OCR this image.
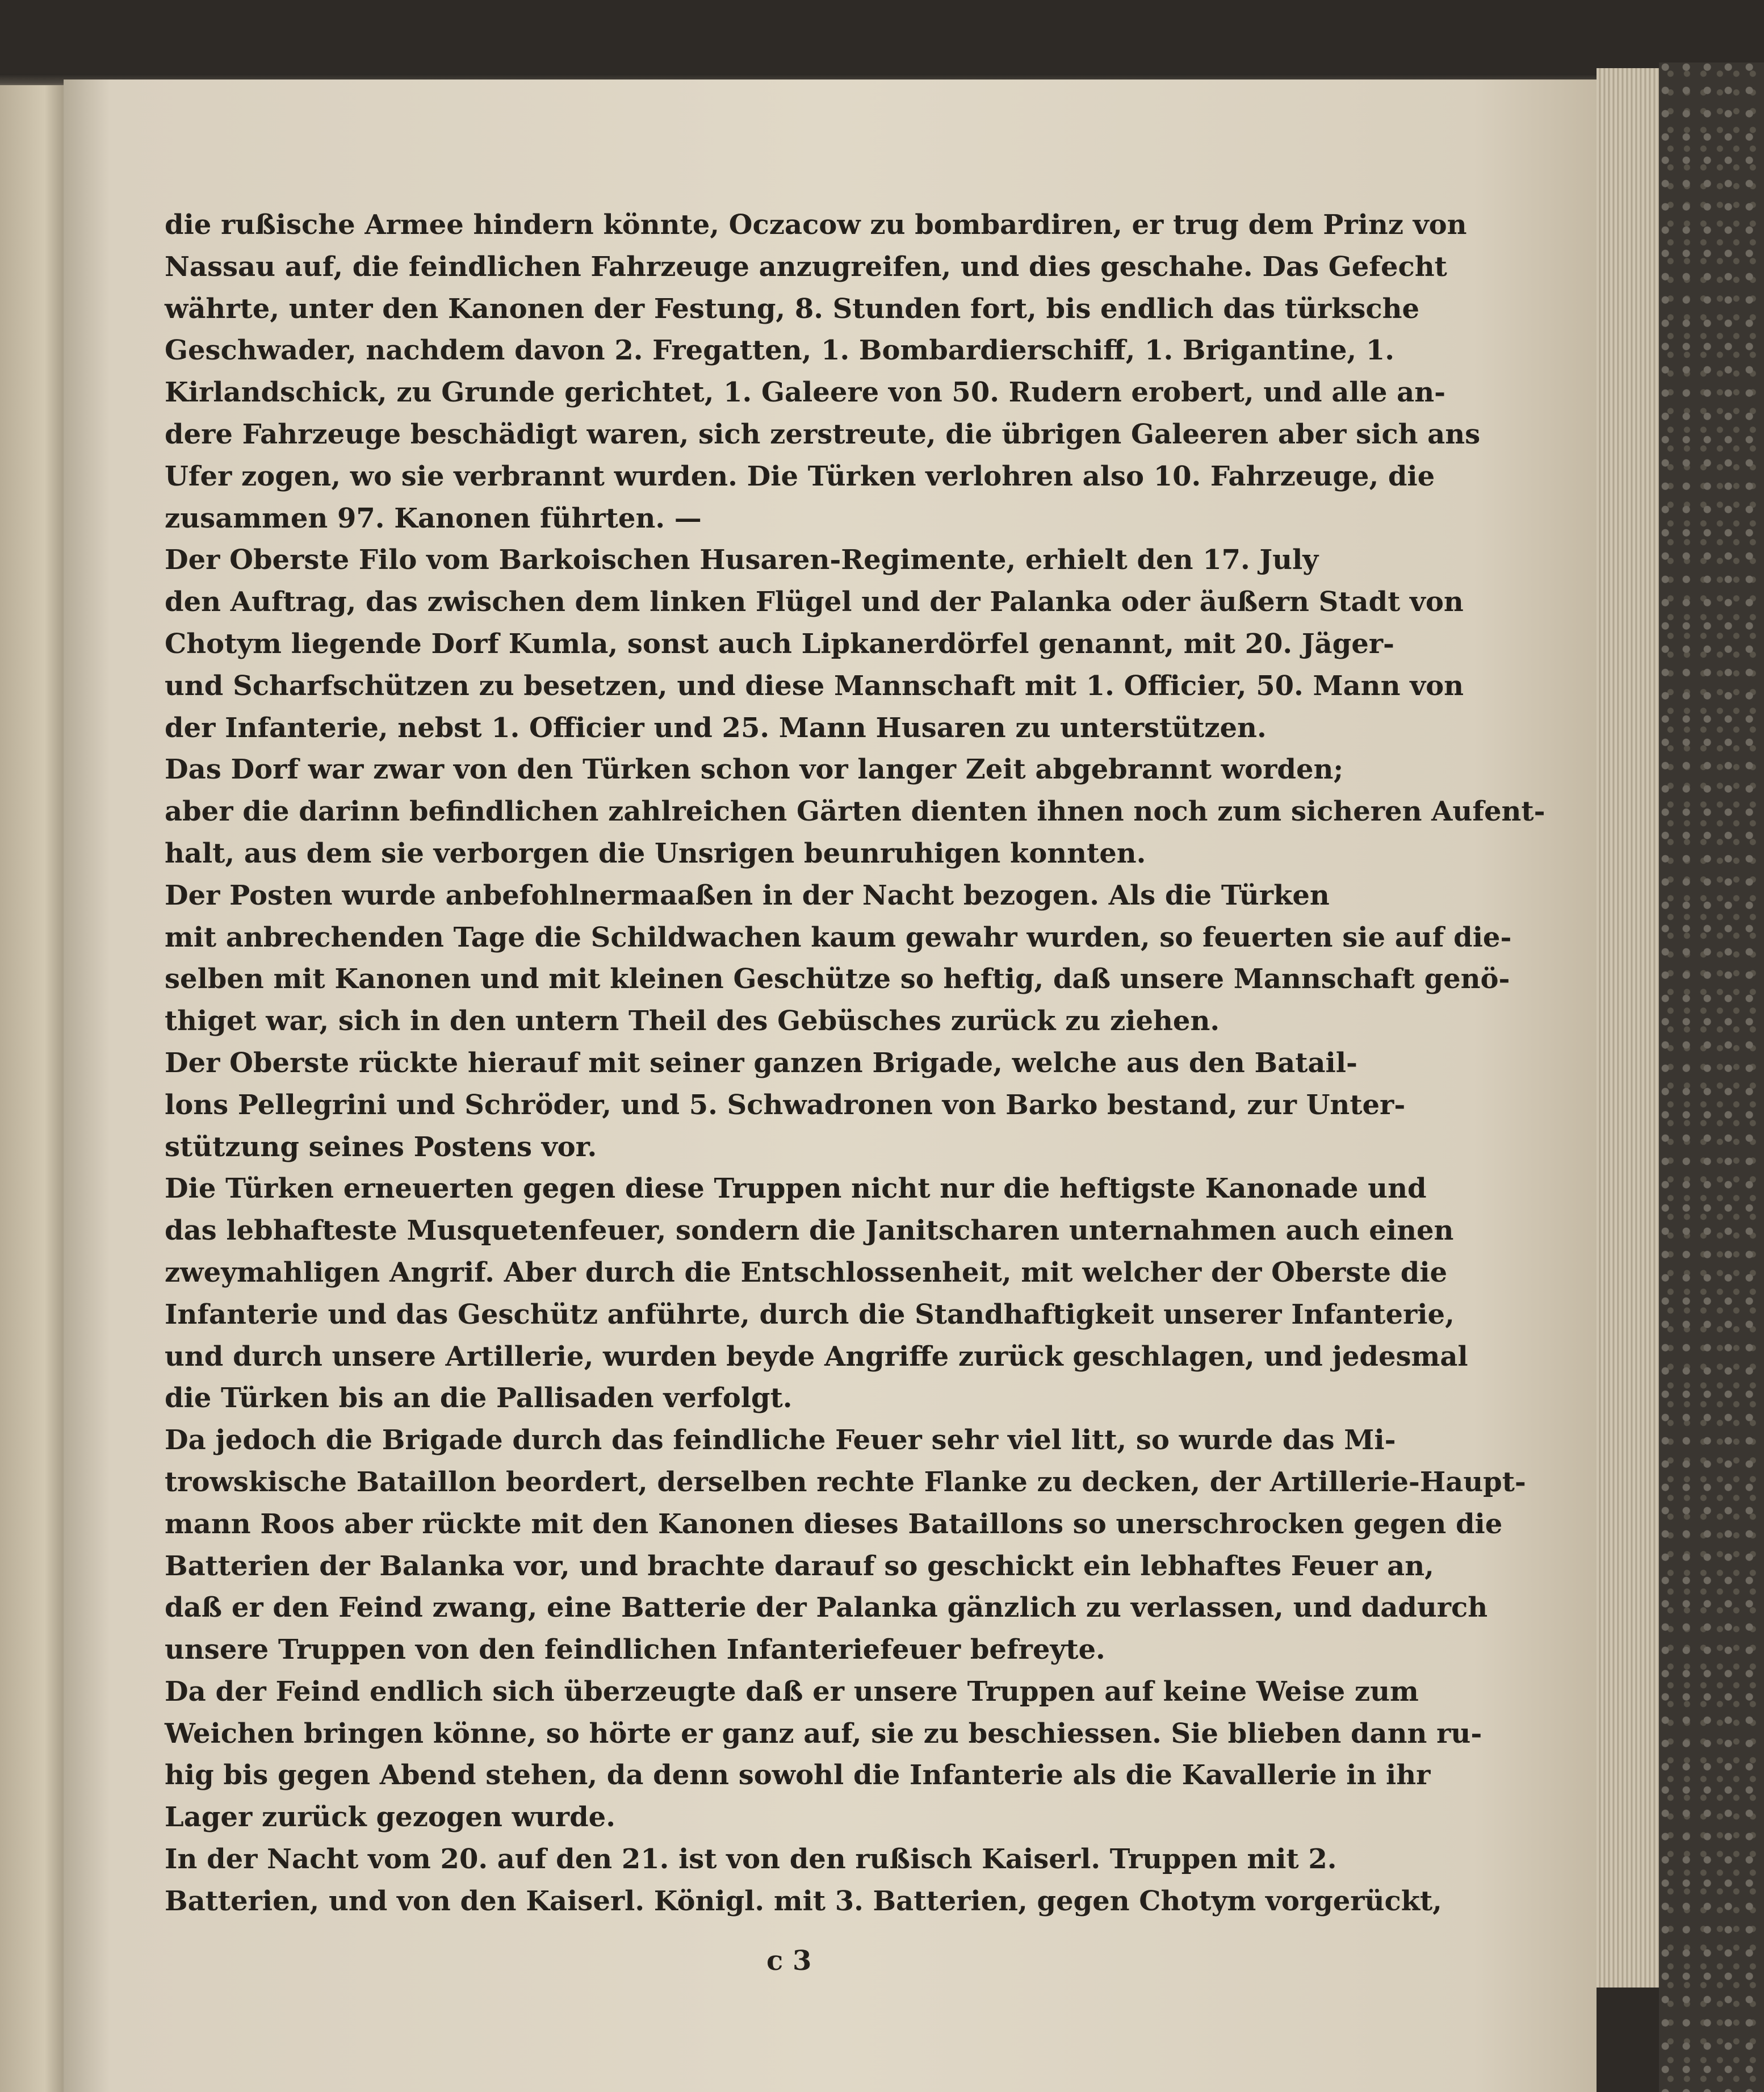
die rußische Armee hindern könnte, Oczacow zu bombardiren, er trug dem Prinz von
Nassau auf, die feindlichen Fahrzeuge anzugreifen, und dies geschahe. Das Gefecht
währte, unter den Kanonen der Festung, 8. Stunden fort, bis endlich das türksche
Geschwader, nachdem davon 2. Fregatten, 1. Bombardierschiff, 1. Brigantine, 1.
Kirlandschick, zu Grunde gerichtet, 1. Galeere von 50. Rudern erobert, und alle an-
dere Fahrzeuge beschädigt waren, sich zerstreute, die übrigen Galeeren aber sich ans
Ufer zogen, wo sie verbrannt wurden. Die Türken verlohren also 10. Fahrzeuge, die
zusammen 97. Kanonen führten. —
Der Oberste Filo vom Barkoischen Husaren-Regimente, erhielt den 17. July
den Auftrag, das zwischen dem linken Flügel und der Palanka oder äußern Stadt von
Chotym liegende Dorf Kumla, sonst auch Lipkanerdörfel genannt, mit 20. Jäger-
und Scharfschützen zu besetzen, und diese Mannschaft mit 1. Officier, 50. Mann von
der Infanterie, nebst 1. Officier und 25. Mann Husaren zu unterstützen.
Das Dorf war zwar von den Türken schon vor langer Zeit abgebrannt worden;
aber die darinn befindlichen zahlreichen Gärten dienten ihnen noch zum sicheren Aufent-
halt, aus dem sie verborgen die Unsrigen beunruhigen konnten.
Der Posten wurde anbefohlnermaaßen in der Nacht bezogen. Als die Türken
mit anbrechenden Tage die Schildwachen kaum gewahr wurden, so feuerten sie auf die-
selben mit Kanonen und mit kleinen Geschütze so heftig, daß unsere Mannschaft genö-
thiget war, sich in den untern Theil des Gebüsches zurück zu ziehen.
Der Oberste rückte hierauf mit seiner ganzen Brigade, welche aus den Batail-
lons Pellegrini und Schröder, und 5. Schwadronen von Barko bestand, zur Unter-
stützung seines Postens vor.
Die Türken erneuerten gegen diese Truppen nicht nur die heftigste Kanonade und
das lebhafteste Musquetenfeuer, sondern die Janitscharen unternahmen auch einen
zweymahligen Angrif. Aber durch die Entschlossenheit, mit welcher der Oberste die
Infanterie und das Geschütz anführte, durch die Standhaftigkeit unserer Infanterie,
und durch unsere Artillerie, wurden beyde Angriffe zurück geschlagen, und jedesmal
die Türken bis an die Pallisaden verfolgt.
Da jedoch die Brigade durch das feindliche Feuer sehr viel litt, so wurde das Mi-
trowskische Bataillon beordert, derselben rechte Flanke zu decken, der Artillerie-Haupt-
mann Roos aber rückte mit den Kanonen dieses Bataillons so unerschrocken gegen die
Batterien der Balanka vor, und brachte darauf so geschickt ein lebhaftes Feuer an,
daß er den Feind zwang, eine Batterie der Palanka gänzlich zu verlassen, und dadurch
unsere Truppen von den feindlichen Infanteriefeuer befreyte.
Da der Feind endlich sich überzeugte daß er unsere Truppen auf keine Weise zum
Weichen bringen könne, so hörte er ganz auf, sie zu beschiessen. Sie blieben dann ru-
hig bis gegen Abend stehen, da denn sowohl die Infanterie als die Kavallerie in ihr
Lager zurück gezogen wurde.
In der Nacht vom 20. auf den 21. ist von den rußisch Kaiserl. Truppen mit 2.
Batterien, und von den Kaiserl. Königl. mit 3. Batterien, gegen Chotym vorgerückt,
c 3
